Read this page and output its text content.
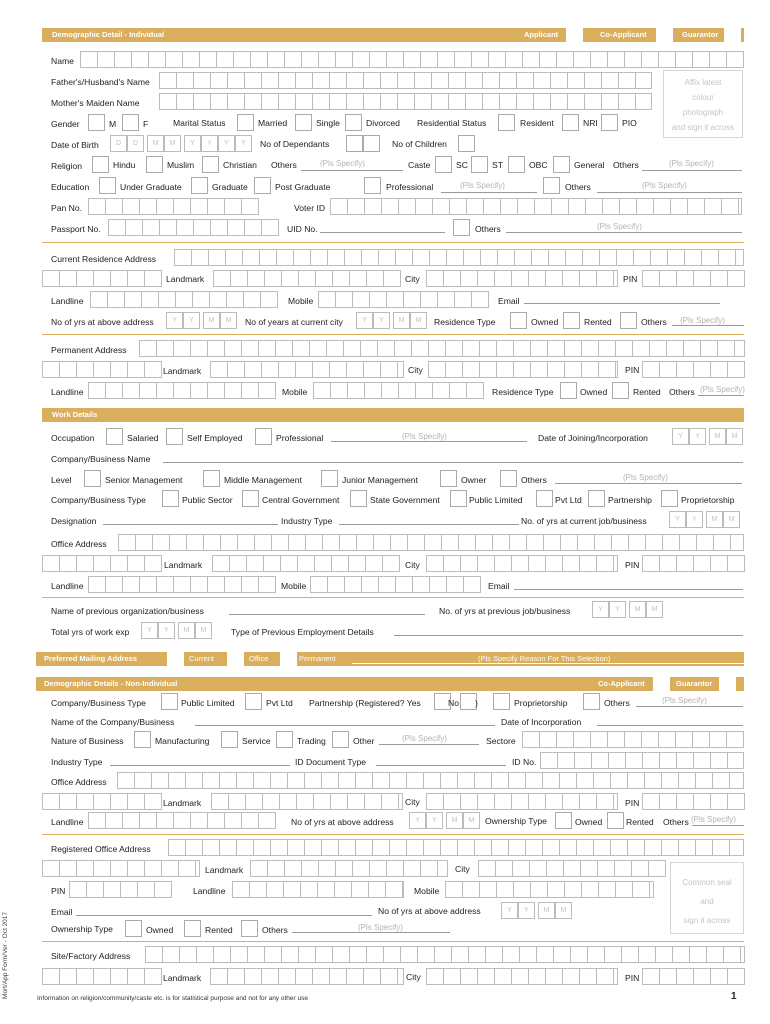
Demographic Detail - Individual	Applicant	Co-Applicant	Guarantor
Affix latest
colour
photograph
and sign it across
Name
Father's/Husband's Name
Mother's Maiden Name
Gender	M	F	Marital Status	Married	Single	Divorced Residential Status	Resident	NRI	PIO
Date of Birth	D	D	M	M	Y	Y	Y	Y	No of Dependants	No of Children
Religion	Hindu	Muslim	Christian Others	(Pls Specify)	Caste	SC	ST	OBC	General Others	(Pls Specify)
Education	Under Graduate	Graduate	Post Graduate	Professional	(Pls Specify)	Others	(Pls Specify)
Pan No.	Voter ID
Passport No.	UID No.	Others	(Pls Specify)
Current Residence Address
Landmark	City	PIN
Landline	Mobile	Email
No of yrs at above address	Y	Y	M	M	No of years at current city	Y	Y	M	M	Residence Type	Owned	Rented	Others (Pls Specify)
Permanent Address
Landmark	City	PIN
Landline	Mobile	Residence Type	Owned	Rented Others (Pls Specify)
Work Details
Occupation	Salaried	Self Employed	Professional	(Pls Specify)	Date of Joining/Incorporation	Y	Y	M	M
Company/Business Name
Level	Senior Management	Middle Management	Junior Management	Owner	Others	(Pls Specify)
Company/Business Type	Public Sector	Central Government	State Government	Public Limited	Pvt Ltd	Partnership	Proprietorship
Designation	Industry Type	No. of yrs at current job/business	Y	Y	M	M
Office Address
Landmark	City	PIN
Landline	Mobile	Email
Name of previous organization/business	No. of yrs at previous job/business	Y	Y	M	M
Total yrs of work exp	Y	Y	M	M	Type of Previous Employment Details
Preferred Mailing Address	Current	Office	Permanent	(Pls Specify Reason For This Selection)
Demographic Details - Non-Individual	Co-Applicant	Guarantor
Company/Business Type	Public Limited	Pvt Ltd Partnership (Registered? Yes	No )	Proprietorship	Others	(Pls Specify)
Name of the Company/Business	Date of Incorporation
Nature of Business	Manufacturing	Service	Trading	Other	(Pls Specify)	Sectore
Industry Type	ID Document Type	ID No.
Office Address
Landmark	City	PIN
Landline	No of yrs at above address	Y	Y	M	M	Ownership Type	Owned	Rented Others (Pls Specify)
Registered Office Address
Landmark	City
PIN	Landline	Mobile
Common seal
and
sign it across
Email	No of yrs at above address	Y	Y	M	M
Ownership Type	Owned	Rented	Others	(Pls Specify)
Site/Factory Address
Landmark	City	PIN
Information on religion/community/caste etc. is for statistical purpose and not for any other use	1
Mort/App Form/Ver - Oct 2017
